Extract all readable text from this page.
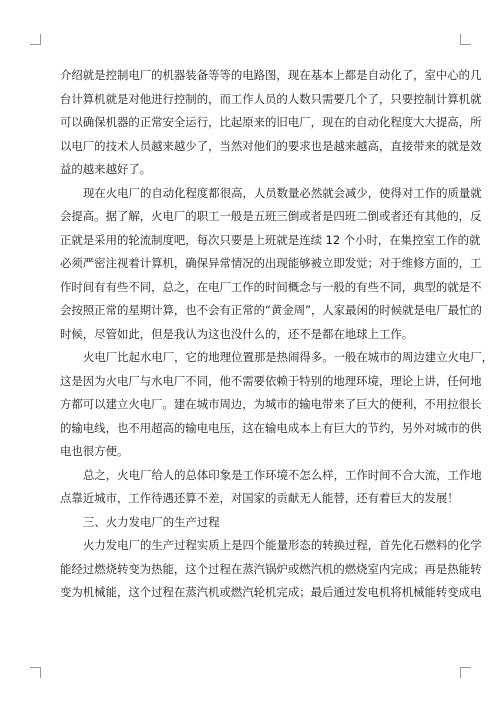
介绍就是控制电厂的机器装备等等的电路图，现在基本上都是自动化了，室中心的几
台计算机就是对他进行控制的，而工作人员的人数只需要几个了，只要控制计算机就
可以确保机器的正常安全运行，比起原来的旧电厂，现在的自动化程度大大提高，所
以电厂的技术人员越来越少了，当然对他们的要求也是越来越高，直接带来的就是效
益的越来越好了。

现在火电厂的自动化程度都很高，人员数量必然就会减少，使得对工作的质量就
会提高。据了解，火电厂的职工一般是五班三倒或者是四班二倒或者还有其他的，反
正就是采用的轮流制度吧，每次只要是上班就是连续 12 个小时，在集控室工作的就
必须严密注视着计算机，确保异常情况的出现能够被立即发觉；对于维修方面的，工
作时间有有些不同，总之，在电厂工作的时间概念与一般的有些不同，典型的就是不
会按照正常的星期计算，也不会有正常的“黄金周”，人家最闲的时候就是电厂最忙的
时候，尽管如此，但是我认为这也没什么的，还不是都在地球上工作。

火电厂比起水电厂，它的地理位置那是热闹得多。一般在城市的周边建立火电厂，
这是因为火电厂与水电厂不同，他不需要依赖于特别的地理环境，理论上讲，任何地
方都可以建立火电厂。建在城市周边，为城市的输电带来了巨大的便利，不用拉很长
的输电线，也不用超高的输电电压，这在输电成本上有巨大的节约，另外对城市的供
电也很方便。

总之，火电厂给人的总体印象是工作环境不怎么样，工作时间不合大流，工作地
点靠近城市，工作待遇还算不差，对国家的贡献无人能替，还有着巨大的发展！

三、火力发电厂的生产过程

火力发电厂的生产过程实质上是四个能量形态的转换过程，首先化石燃料的化学
能经过燃烧转变为热能，这个过程在蒸汽锅炉或燃汽机的燃烧室内完成；再是热能转
变为机械能，这个过程在蒸汽机或燃汽轮机完成；最后通过发电机将机械能转变成电
